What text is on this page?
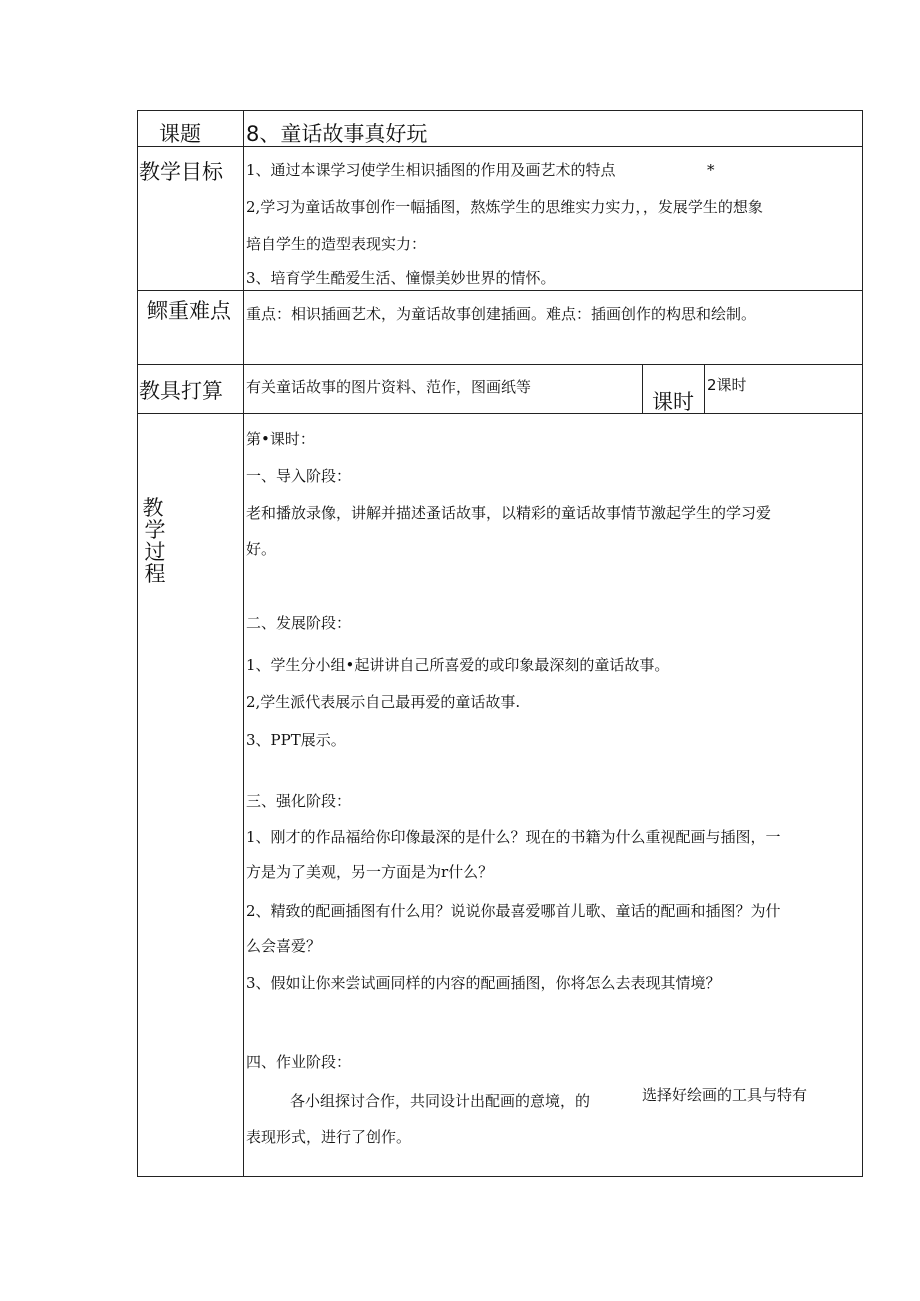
课题 8、童话故事真好玩
教学目标 1、通过本课学习使学生相识插图的作用及画艺术的特点	*
2,学习为童话故事创作一幅插图，熬炼学生的思维实力实力，，发展学生的想象
培自学生的造型表现实力：
3、培育学生酷爱生活、憧憬美妙世界的情怀。
鳏重难点 重点：相识插画艺术，为童话故事创建插画。难点：插画创作的构思和绘制。
教具打算 有关童话故事的图片资料、范作，图画纸等
课时
2课时
教
学
过
程
第•课时：
一、导入阶段：
老和播放录像，讲解并描述蚤话故事，以精彩的童话故事情节激起学生的学习爱
好。
二、发展阶段：
1、学生分小组•起讲讲自己所喜爱的或印象最深刻的童话故事。
2,学生派代表展示自己最再爱的童话故事.
3、PPT展示。
三、强化阶段：
1、刚才的作品福给你印像最深的是什么？现在的书籍为什么重视配画与插图，一
方是为了美观，另一方面是为r什么？
2、精致的配画插图有什么用？说说你最喜爱哪首儿歌、童话的配画和插图？为什
么会喜爱？
3、假如让你来尝试画同样的内容的配画插图，你将怎么去表现其情境？
四、作业阶段：
各小组探讨合作，共同设计出配画的意境，的	选择好绘画的工具与特有
表现形式，进行了创作。
